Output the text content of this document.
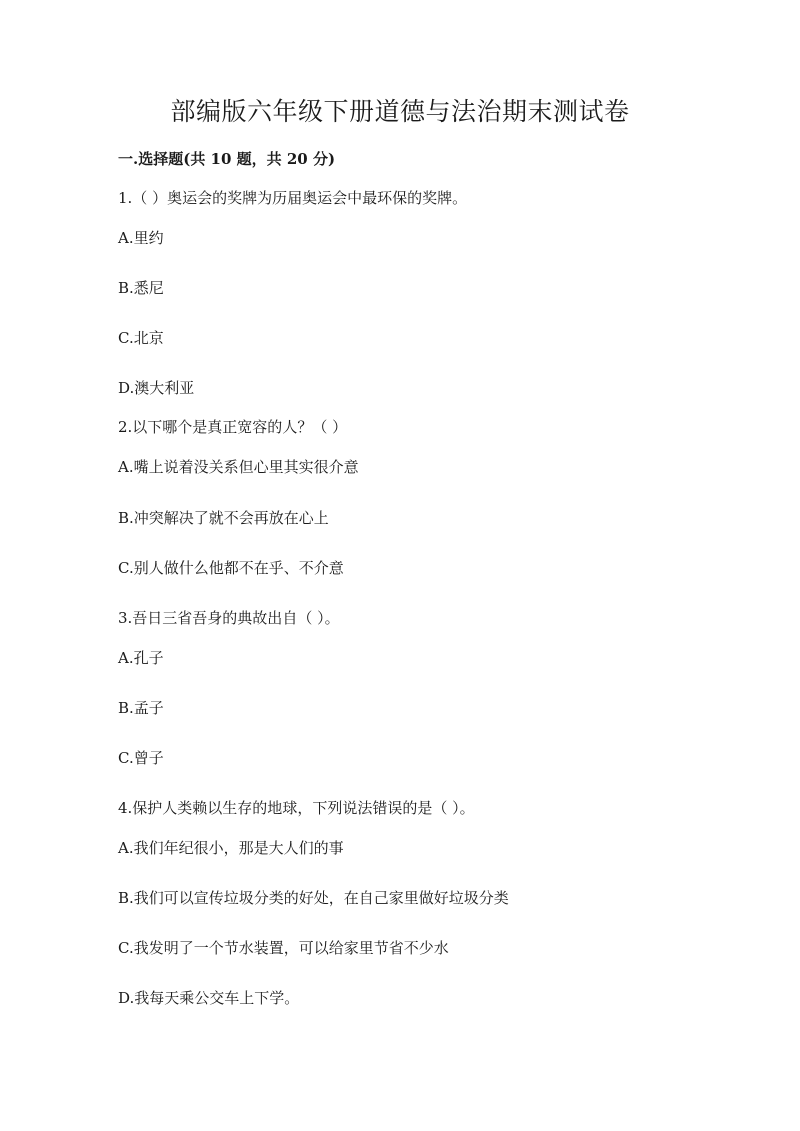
部编版六年级下册道德与法治期末测试卷
一.选择题(共 10 题，共 20 分)

1.（ ）奥运会的奖牌为历届奥运会中最环保的奖牌。

A.里约

B.悉尼

C.北京

D.澳大利亚

2.以下哪个是真正宽容的人？（ ）

A.嘴上说着没关系但心里其实很介意

B.冲突解决了就不会再放在心上

C.别人做什么他都不在乎、不介意

3.吾日三省吾身的典故出自（ ）。

A.孔子

B.孟子

C.曾子

4.保护人类赖以生存的地球，下列说法错误的是（ ）。

A.我们年纪很小，那是大人们的事

B.我们可以宣传垃圾分类的好处，在自己家里做好垃圾分类

C.我发明了一个节水装置，可以给家里节省不少水

D.我每天乘公交车上下学。
